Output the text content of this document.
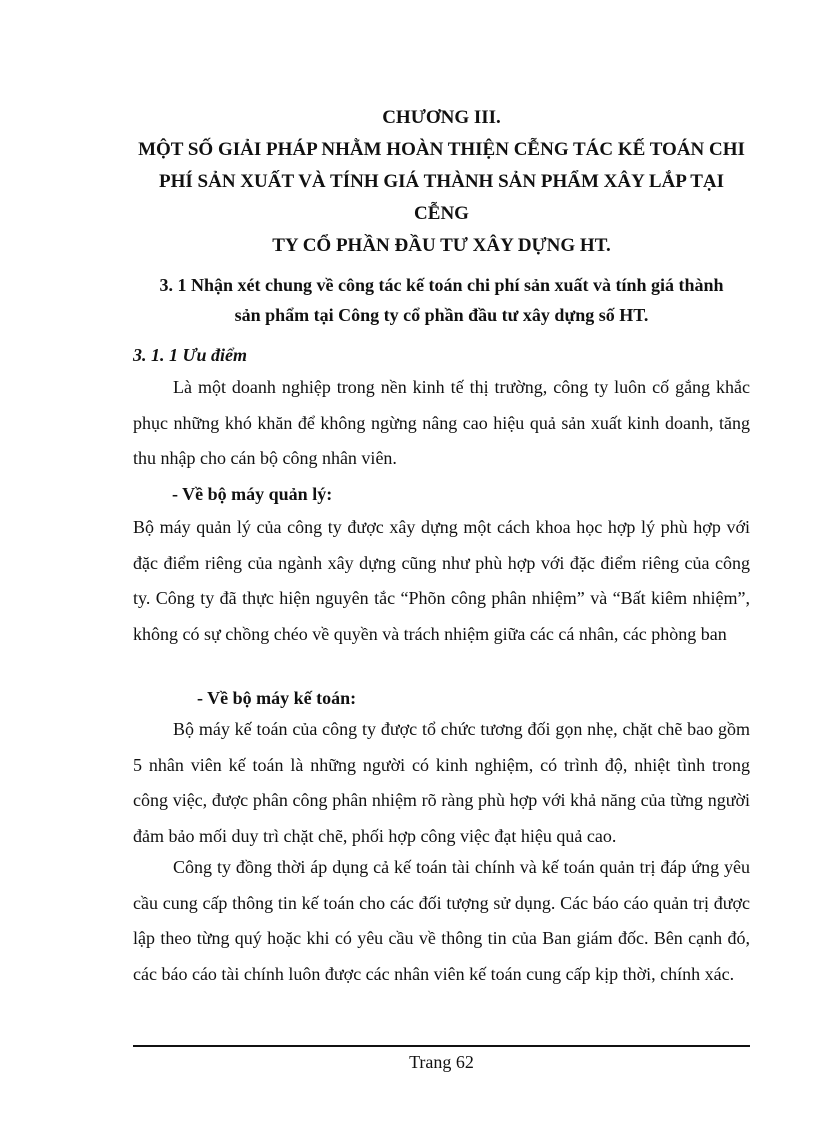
CHƯƠNG III.
MỘT SỐ GIẢI PHÁP NHẰM HOÀN THIỆN CỄNG TÁC KẾ TOÁN CHI
PHÍ SẢN XUẤT VÀ TÍNH GIÁ THÀNH SẢN PHẨM XÂY LẮP TẠI CỄNG
TY CỔ PHẦN ĐẦU TƯ XÂY DỰNG HT.
3. 1 Nhận xét chung về công tác kế toán chi phí sản xuất và tính giá thành
sản phẩm tại Công ty cổ phần đầu tư xây dựng số HT.
3. 1. 1 Ưu điểm
Là một doanh nghiệp trong nền kinh tế thị trường, công ty luôn cố gắng khắc phục những khó khăn để không ngừng nâng cao hiệu quả sản xuất kinh doanh, tăng thu nhập cho cán bộ công nhân viên.
- Về bộ máy quản lý:
Bộ máy quản lý của công ty được xây dựng một cách khoa học hợp lý phù hợp với đặc điểm riêng của ngành xây dựng cũng như phù hợp với đặc điểm riêng của công ty. Công ty đã thực hiện nguyên tắc “Phõn công phân nhiệm” và “Bất kiêm nhiệm”, không có sự chồng chéo về quyền và trách nhiệm giữa các cá nhân, các phòng ban
- Về bộ máy kế toán:
Bộ máy kế toán của công ty được tổ chức tương đối gọn nhẹ, chặt chẽ bao gồm 5 nhân viên kế toán là những người có kinh nghiệm, có trình độ, nhiệt tình trong công việc, được phân công phân nhiệm rõ ràng phù hợp với khả năng của từng người đảm bảo mối duy trì chặt chẽ, phối hợp công việc đạt hiệu quả cao.
Công ty đồng thời áp dụng cả kế toán tài chính và kế toán quản trị đáp ứng yêu cầu cung cấp thông tin kế toán cho các đối tượng sử dụng. Các báo cáo quản trị được lập theo từng quý hoặc khi có yêu cầu về thông tin của Ban giám đốc. Bên cạnh đó, các báo cáo tài chính luôn được các nhân viên kế toán cung cấp kịp thời, chính xác.
Trang 62
